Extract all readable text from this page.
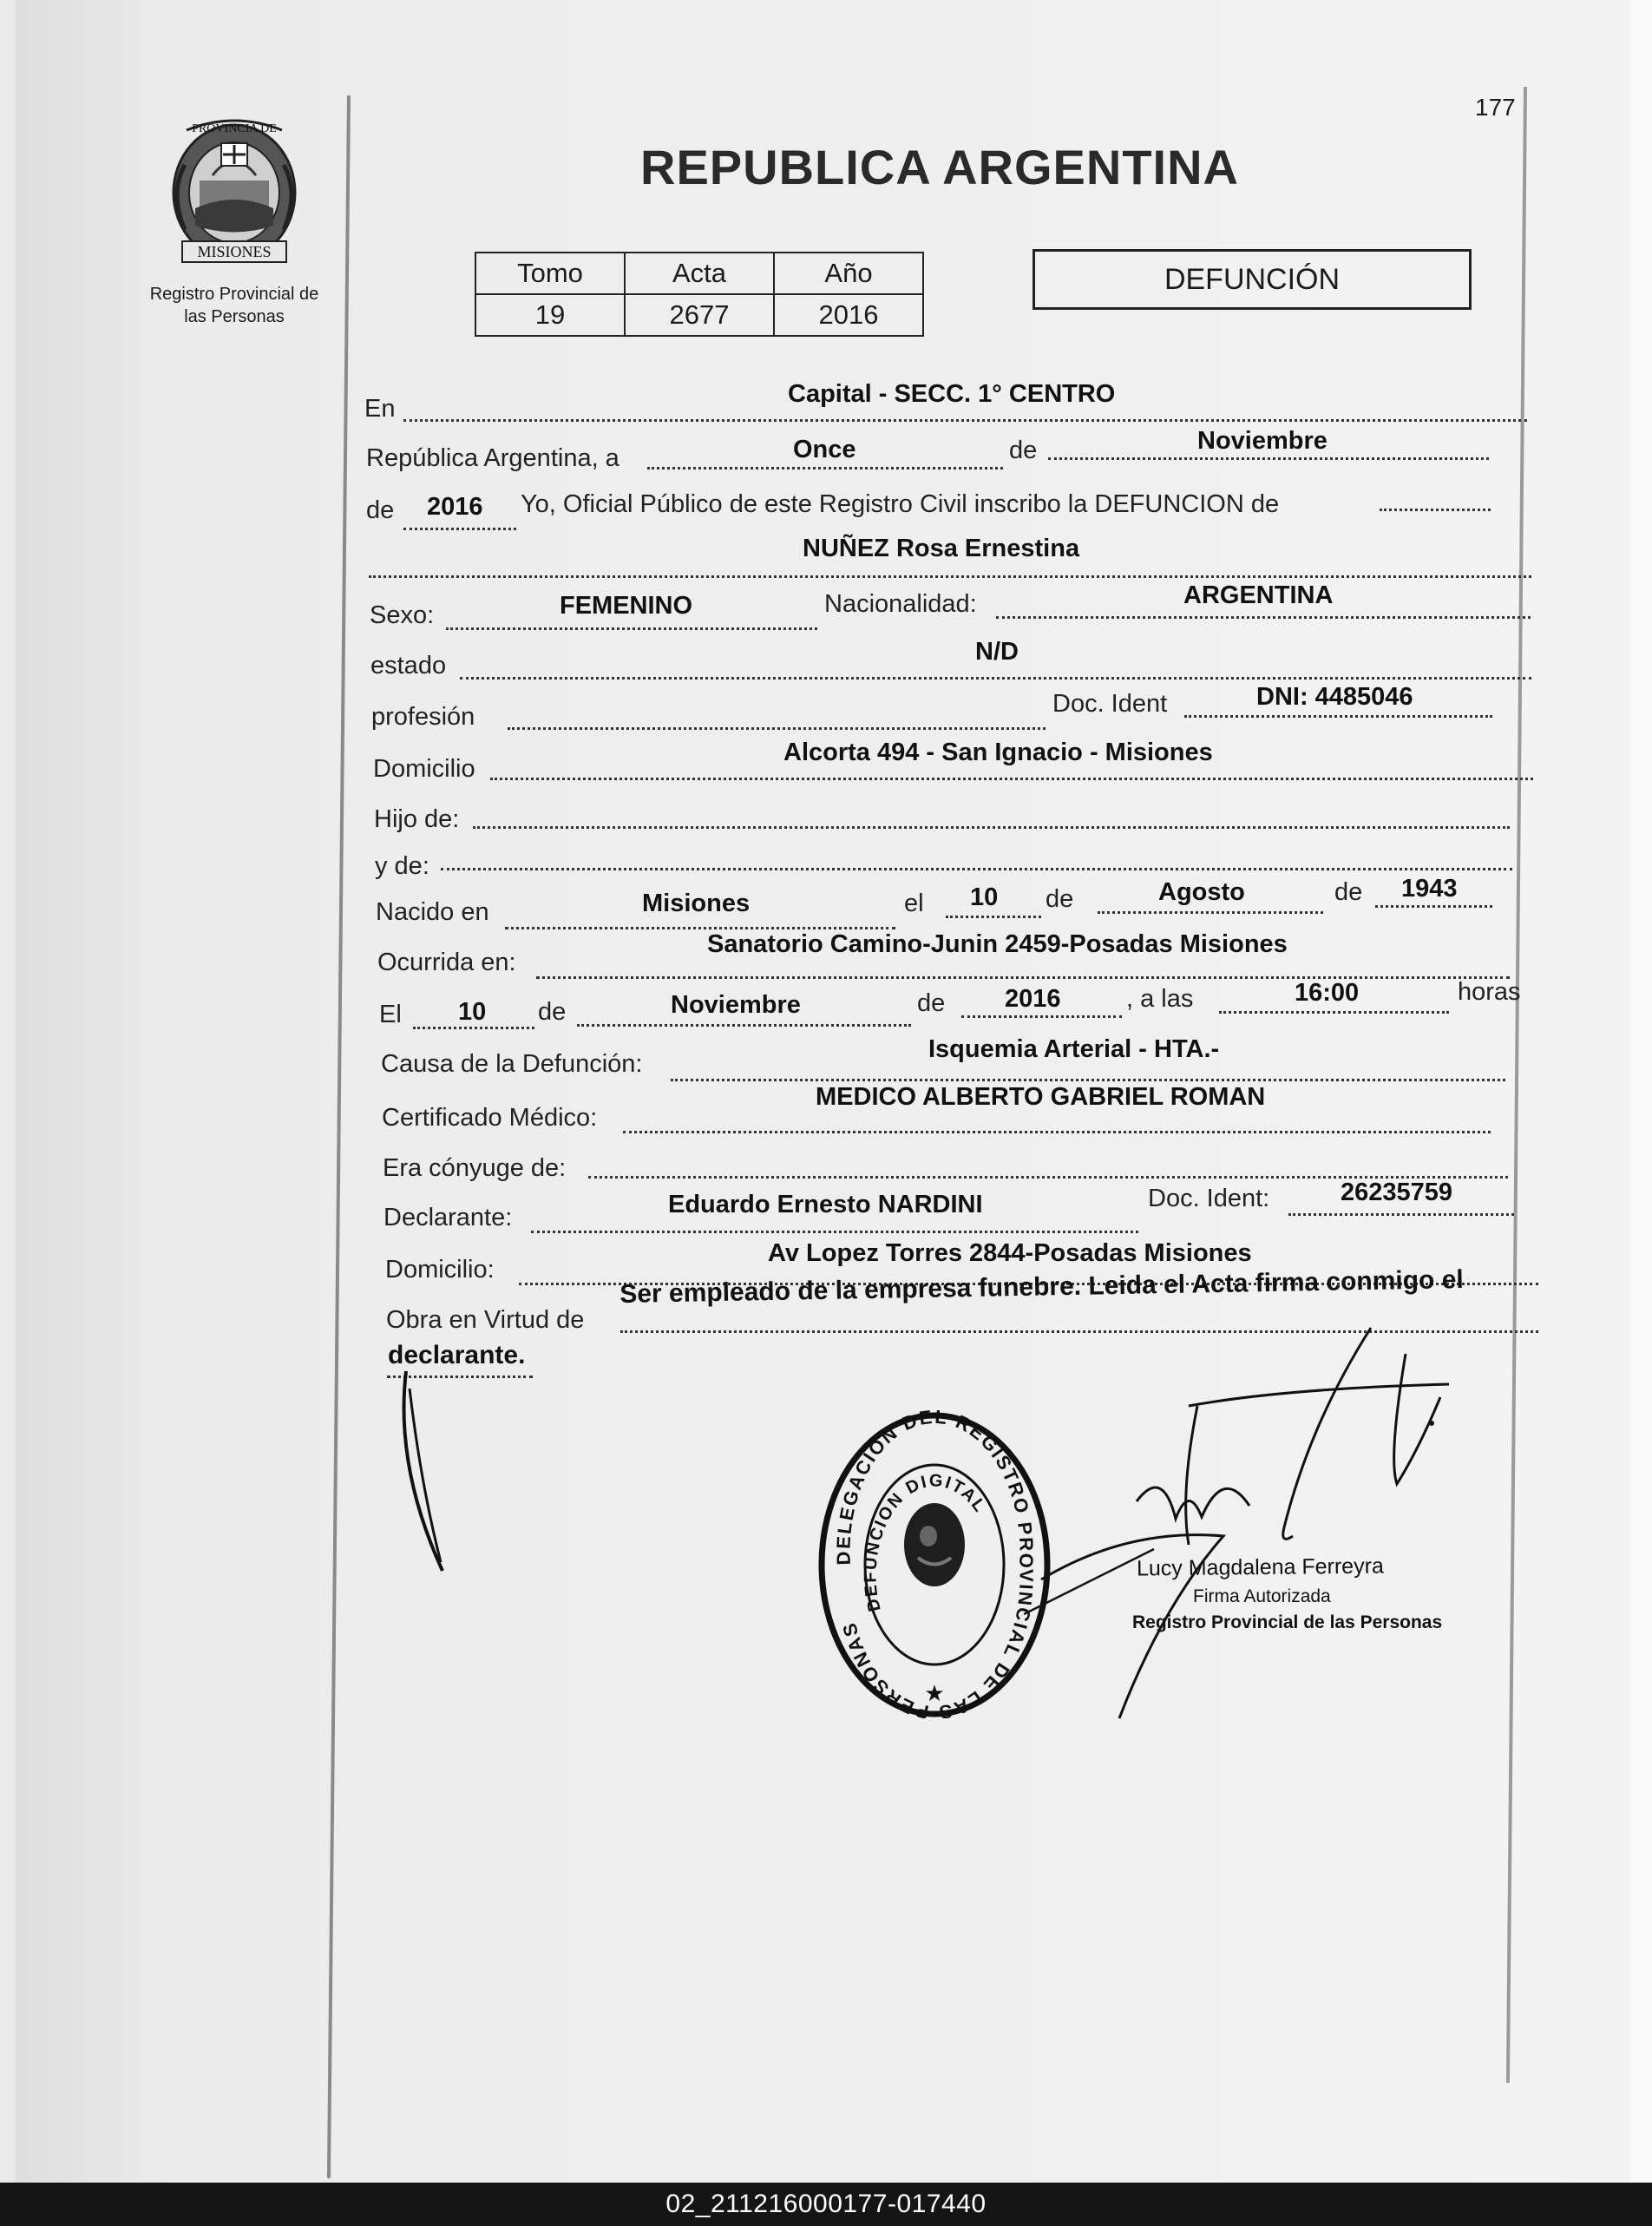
177
PROVINCIA DE
MISIONES
Registro Provincial de
las Personas
REPUBLICA ARGENTINA
Tomo	Acta	Año
19	2677	2016
DEFUNCIÓN
En
Capital - SECC. 1° CENTRO
República Argentina, a	Once	de	Noviembre
de 2016 Yo, Oficial Público de este Registro Civil inscribo la DEFUNCION de
NUÑEZ Rosa Ernestina
Sexo:	FEMENINO	Nacionalidad:	ARGENTINA
estado	N/D
profesión	Doc. Ident	DNI: 4485046
Domicilio
Alcorta 494 - San Ignacio - Misiones
Hijo de:
y de:
Nacido en	Misiones	el 10 de	Agosto	de 1943
Ocurrida en:
Sanatorio Camino-Junin 2459-Posadas Misiones
El 10 de	Noviembre	de 2016	, a las	16:00	horas
Causa de la Defunción:
Isquemia Arterial - HTA.-
Certificado Médico:
MEDICO ALBERTO GABRIEL ROMAN
Era cónyuge de:
Declarante:	Eduardo Ernesto NARDINI	Doc. Ident:	26235759
Domicilio:
Av Lopez Torres 2844-Posadas Misiones
Obra en Virtud de
Ser empleado de la empresa funebre. Leida el Acta firma conmigo el
declarante.
DELEGACION DEL REGISTRO PROVINCIAL DE LAS PERSONAS
DEFUNCION DIGITAL
★
Lucy Magdalena Ferreyra
Firma Autorizada
Registro Provincial de las Personas
02_211216000177-017440
